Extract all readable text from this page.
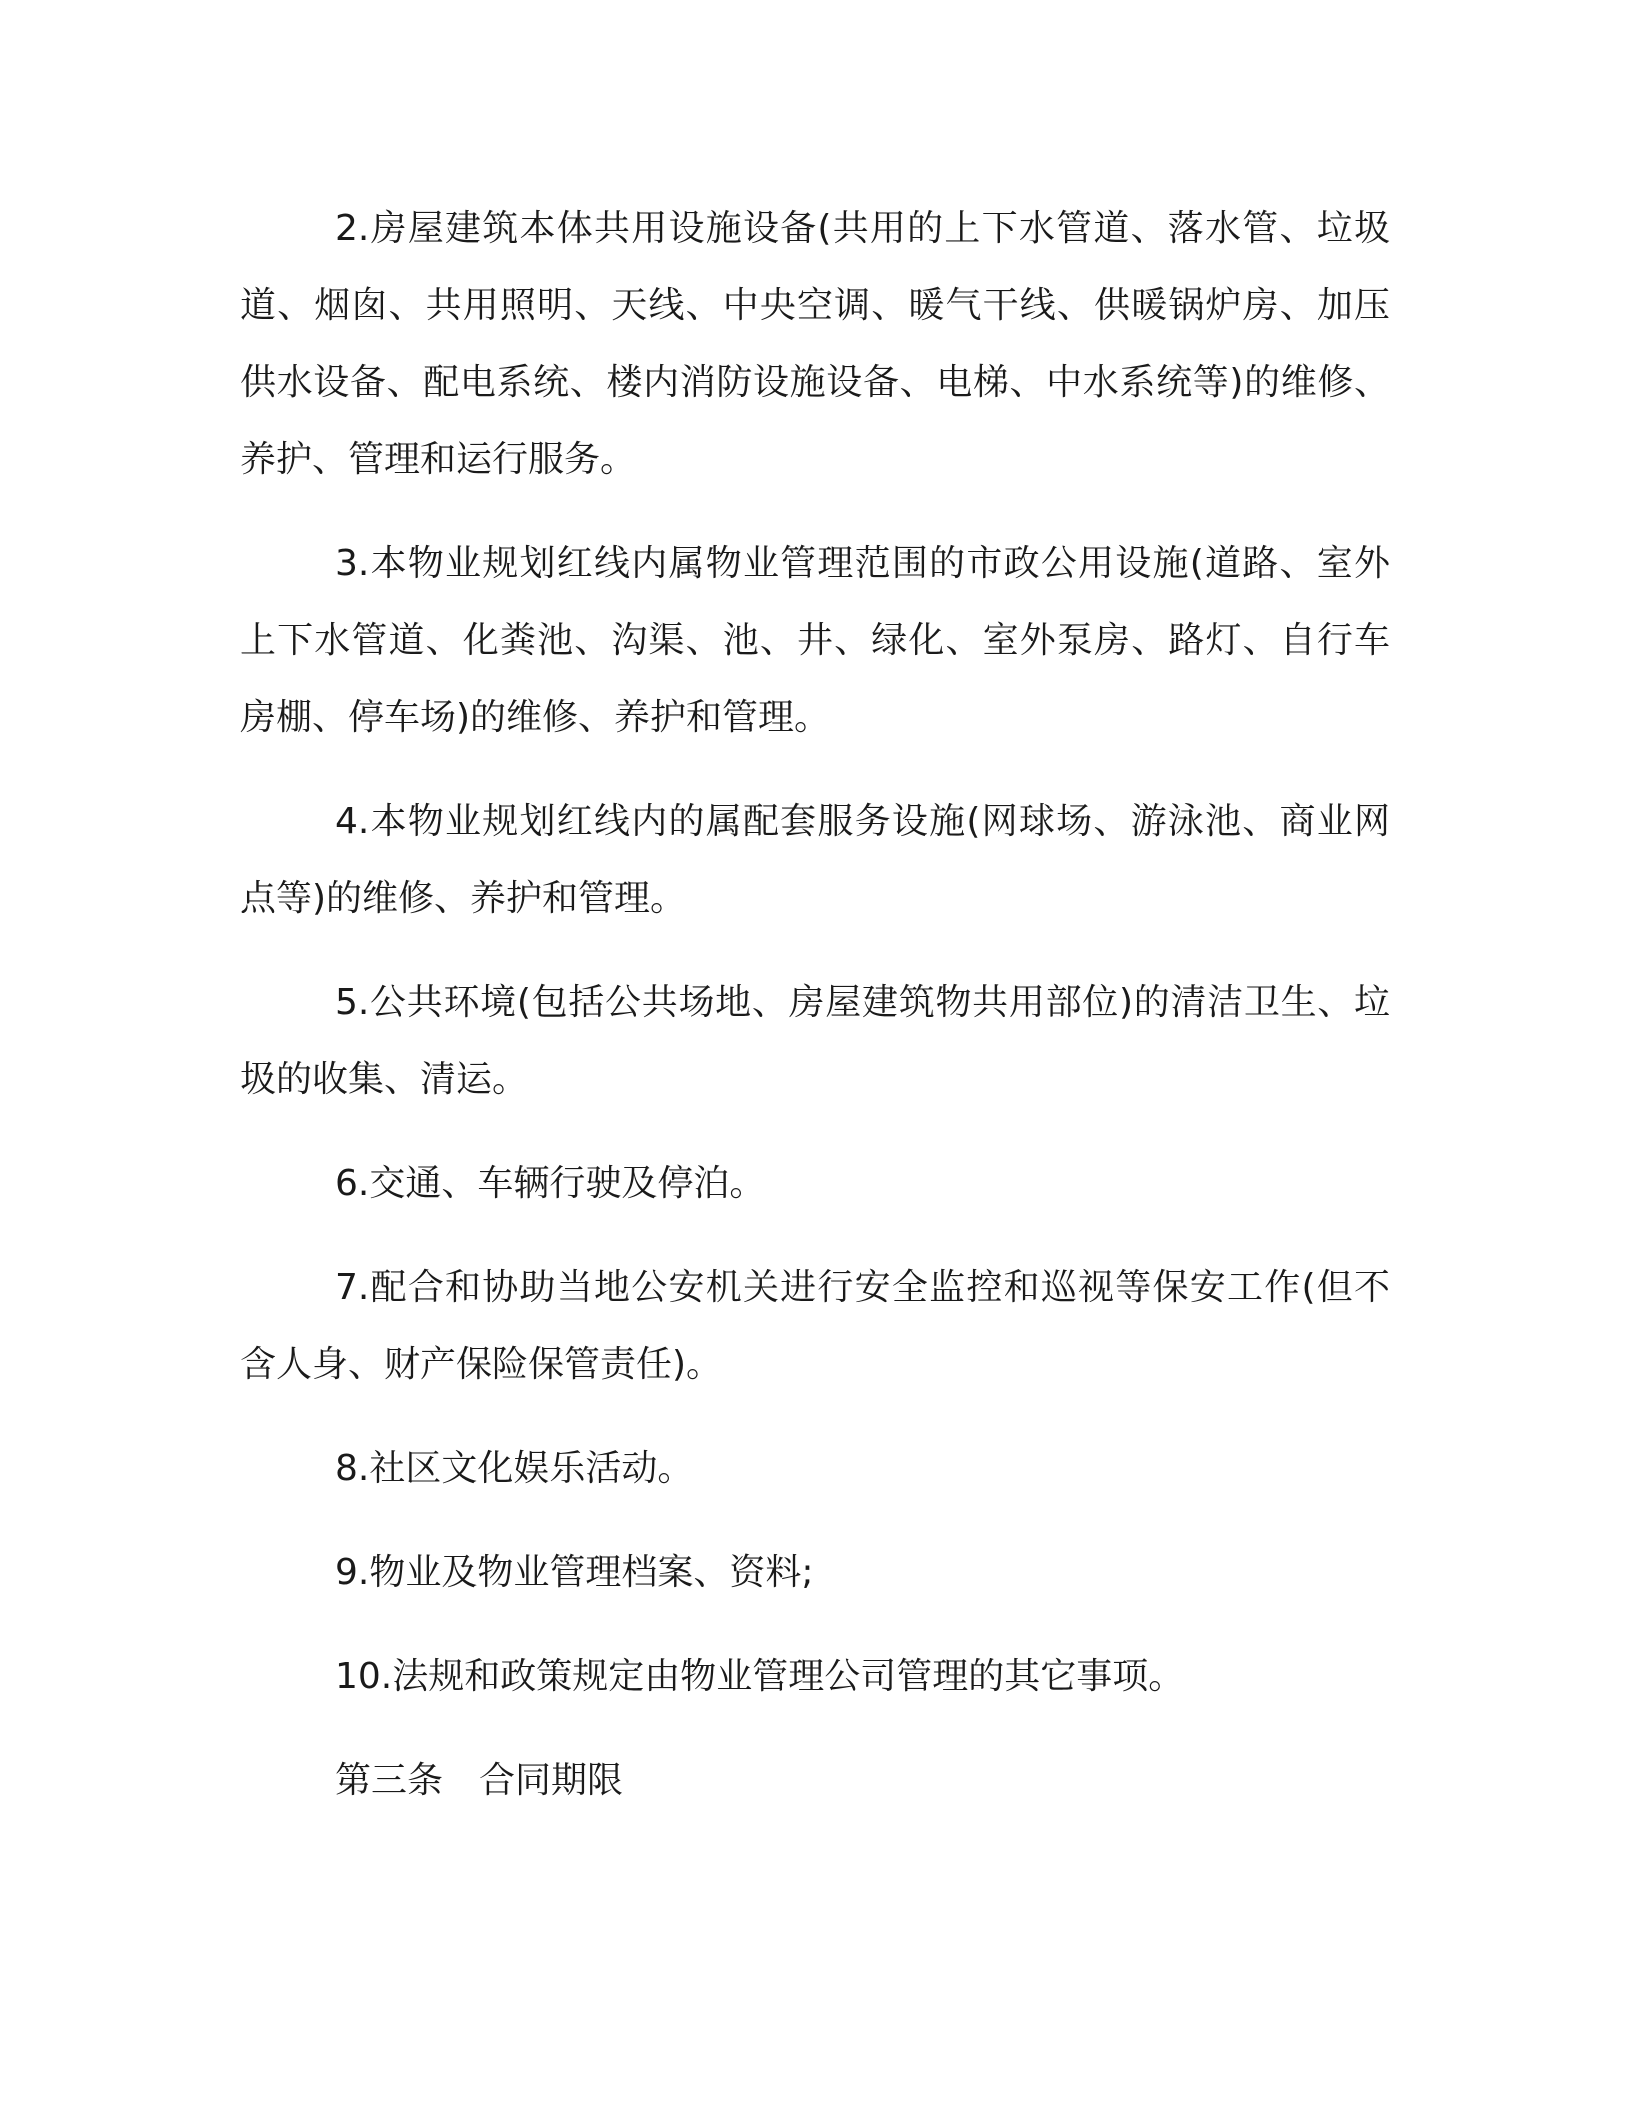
2.房屋建筑本体共用设施设备(共用的上下水管道、落水管、垃圾道、烟囱、共用照明、天线、中央空调、暖气干线、供暖锅炉房、加压供水设备、配电系统、楼内消防设施设备、电梯、中水系统等)的维修、养护、管理和运行服务。

3.本物业规划红线内属物业管理范围的市政公用设施(道路、室外上下水管道、化粪池、沟渠、池、井、绿化、室外泵房、路灯、自行车房棚、停车场)的维修、养护和管理。

4.本物业规划红线内的属配套服务设施(网球场、游泳池、商业网点等)的维修、养护和管理。

5.公共环境(包括公共场地、房屋建筑物共用部位)的清洁卫生、垃圾的收集、清运。

6.交通、车辆行驶及停泊。

7.配合和协助当地公安机关进行安全监控和巡视等保安工作(但不含人身、财产保险保管责任)。

8.社区文化娱乐活动。

9.物业及物业管理档案、资料;

10.法规和政策规定由物业管理公司管理的其它事项。

第三条　合同期限
